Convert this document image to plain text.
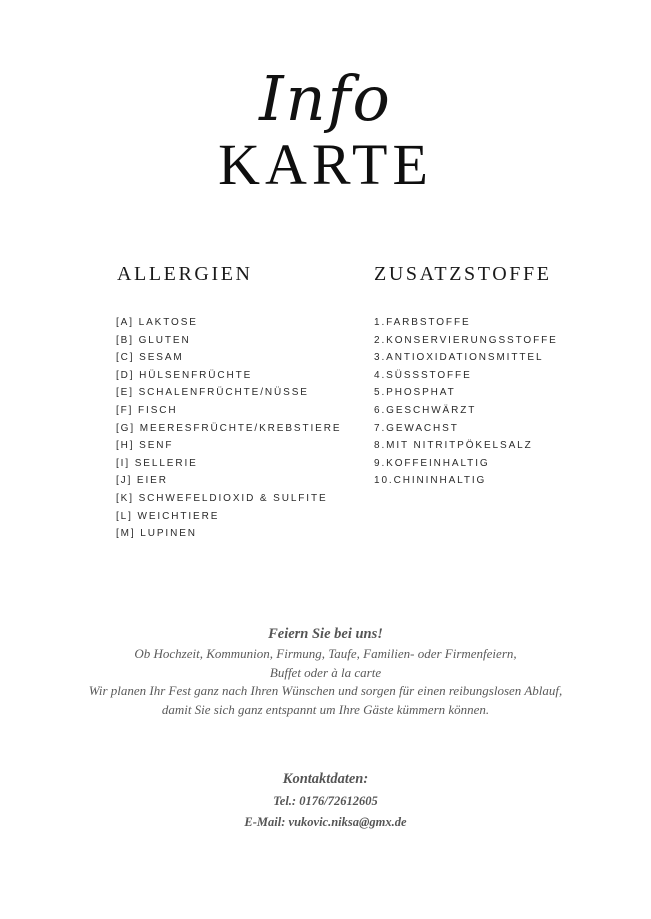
Info
KARTE
ALLERGIEN	ZUSATZSTOFFE
[A] LAKTOSE
[B] GLUTEN
[C] SESAM
[D] HÜLSENFRÜCHTE
[E] SCHALENFRÜCHTE/NÜSSE
[F] FISCH
[G] MEERESFRÜCHTE/KREBSTIERE
[H] SENF
[I] SELLERIE
[J] EIER
[K] SCHWEFELDIOXID & SULFITE
[L] WEICHTIERE
[M] LUPINEN
1.FARBSTOFFE
2.KONSERVIERUNGSSTOFFE
3.ANTIOXIDATIONSMITTEL
4.SÜSSSTOFFE
5.PHOSPHAT
6.GESCHWÄRZT
7.GEWACHST
8.MIT NITRITPÖKELSALZ
9.KOFFEINHALTIG
10.CHININHALTIG
Feiern Sie bei uns!
Ob Hochzeit, Kommunion, Firmung, Taufe, Familien- oder Firmenfeiern,
Buffet oder à la carte
Wir planen Ihr Fest ganz nach Ihren Wünschen und sorgen für einen reibungslosen Ablauf,
damit Sie sich ganz entspannt um Ihre Gäste kümmern können.
Kontaktdaten:
Tel.: 0176/72612605
E-Mail: vukovic.niksa@gmx.de
